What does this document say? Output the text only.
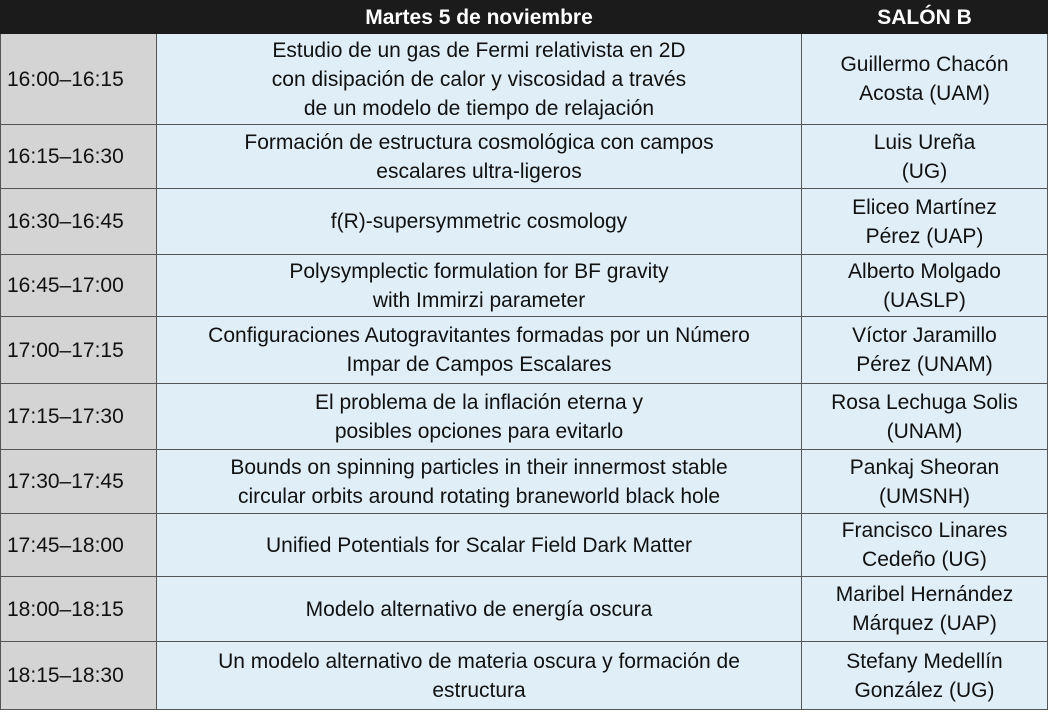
	Martes 5 de noviembre	SALÓN B
16:00–16:15	Estudio de un gas de Fermi relativista en 2D
con disipación de calor y viscosidad a través
de un modelo de tiempo de relajación	Guillermo Chacón
Acosta (UAM)

16:15–16:30	Formación de estructura cosmológica con campos
escalares ultra-ligeros	Luis Ureña
(UG)

16:30–16:45	f(R)-supersymmetric cosmology	Eliceo Martínez
Pérez (UAP)

16:45–17:00	Polysymplectic formulation for BF gravity
with Immirzi parameter	Alberto Molgado
(UASLP)

17:00–17:15	Configuraciones Autogravitantes formadas por un Número
Impar de Campos Escalares	Víctor Jaramillo
Pérez (UNAM)

17:15–17:30	El problema de la inflación eterna y
posibles opciones para evitarlo	Rosa Lechuga Solis
(UNAM)

17:30–17:45	Bounds on spinning particles in their innermost stable
circular orbits around rotating braneworld black hole	Pankaj Sheoran
(UMSNH)

17:45–18:00	Unified Potentials for Scalar Field Dark Matter	Francisco Linares
Cedeño (UG)

18:00–18:15	Modelo alternativo de energía oscura	Maribel Hernández
Márquez (UAP)

18:15–18:30	Un modelo alternativo de materia oscura y formación de
estructura	Stefany Medellín
González (UG)
